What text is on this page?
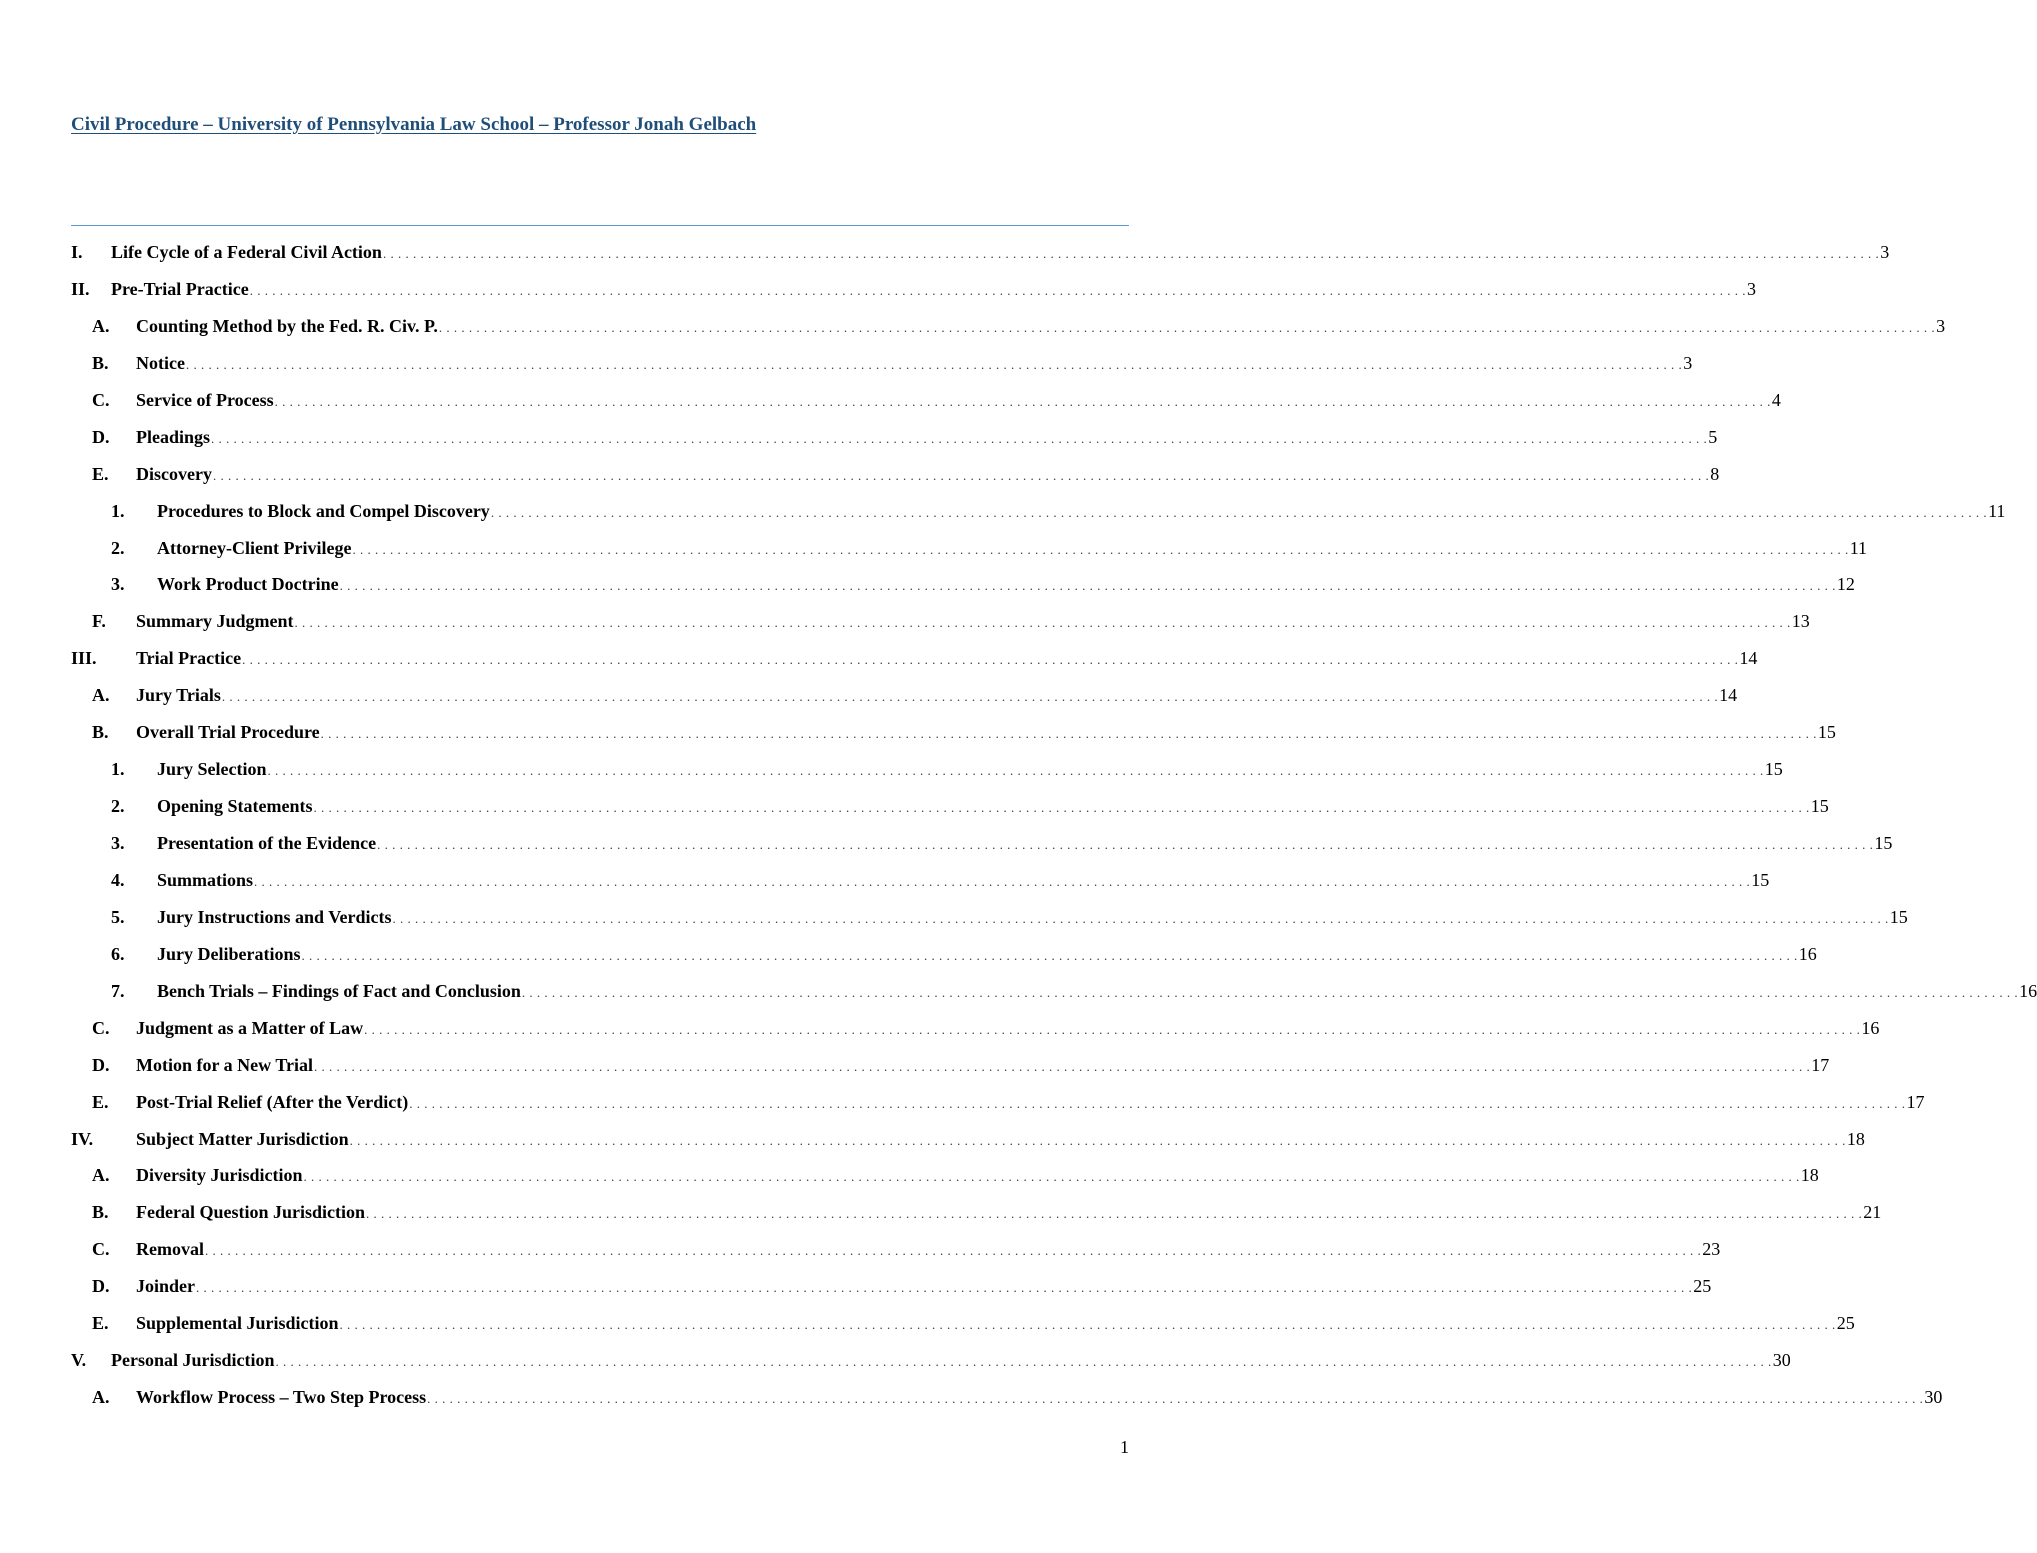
Civil Procedure – University of Pennsylvania Law School – Professor Jonah Gelbach
I. Life Cycle of a Federal Civil Action . . . . . . . . . . . . . . . . . . . . . . . . . . . . . . . . . . . . . . . . . . . . . . . . . . . . . . . . . . . . . . . . . . . . . . . . . . . . . . . . . . . . . . . . . . . . . . . . . . . . . . . . . . . . . . . . . . . . . . . . . . . . . . . . . . . . . . . . . . . . . . . . . . . . . . . . . . . . . . . . . . . . . . . . . . . . . . . . . . . . . . . . . . . . . . . . . . . . . . . . 3
II. Pre-Trial Practice . . . . . . . . . . . . . . . . . . . . . . . . . . . . . . . . . . . . . . . . . . . . . . . . . . . . . . . . . . . . . . . . . . . . . . . . . . . . . . . . . . . . . . . . . . . . . . . . . . . . . . . . . . . . . . . . . . . . . . . . . . . . . . . . . . . . . . . . . . . . . . . . . . . . . . . . . . . . . . . . . . . . . . . . . . . . . . . . . . . . . . . . . . . . . . . . . . . . . . . . 3
A. Counting Method by the Fed. R. Civ. P. . . . . . . . . . . . . . . . . . . . . . . . . . . . . . . . . . . . . . . . . . . . . . . . . . . . . . . . . . . . . . . . . . . . . . . . . . . . . . . . . . . . . . . . . . . . . . . . . . . . . . . . . . . . . . . . . . . . . . . . . . . . . . . . . . . . . . . . . . . . . . . . . . . . . . . . . . . . . . . . . . . . . . . . . . . . . . . . . . . . . . . . . . . . . . . . . . . . . . . . . 3
B. Notice . . . . . . . . . . . . . . . . . . . . . . . . . . . . . . . . . . . . . . . . . . . . . . . . . . . . . . . . . . . . . . . . . . . . . . . . . . . . . . . . . . . . . . . . . . . . . . . . . . . . . . . . . . . . . . . . . . . . . . . . . . . . . . . . . . . . . . . . . . . . . . . . . . . . . . . . . . . . . . . . . . . . . . . . . . . . . . . . . . . . . . . . . . . . . . . . . . . . . . . . 3
C. Service of Process . . . . . . . . . . . . . . . . . . . . . . . . . . . . . . . . . . . . . . . . . . . . . . . . . . . . . . . . . . . . . . . . . . . . . . . . . . . . . . . . . . . . . . . . . . . . . . . . . . . . . . . . . . . . . . . . . . . . . . . . . . . . . . . . . . . . . . . . . . . . . . . . . . . . . . . . . . . . . . . . . . . . . . . . . . . . . . . . . . . . . . . . . . . . . . . . . . . . . . . . 4
D. Pleadings . . . . . . . . . . . . . . . . . . . . . . . . . . . . . . . . . . . . . . . . . . . . . . . . . . . . . . . . . . . . . . . . . . . . . . . . . . . . . . . . . . . . . . . . . . . . . . . . . . . . . . . . . . . . . . . . . . . . . . . . . . . . . . . . . . . . . . . . . . . . . . . . . . . . . . . . . . . . . . . . . . . . . . . . . . . . . . . . . . . . . . . . . . . . . . . . . . . . . . . . 5
E. Discovery . . . . . . . . . . . . . . . . . . . . . . . . . . . . . . . . . . . . . . . . . . . . . . . . . . . . . . . . . . . . . . . . . . . . . . . . . . . . . . . . . . . . . . . . . . . . . . . . . . . . . . . . . . . . . . . . . . . . . . . . . . . . . . . . . . . . . . . . . . . . . . . . . . . . . . . . . . . . . . . . . . . . . . . . . . . . . . . . . . . . . . . . . . . . . . . . . . . . . . . . 8
1. Procedures to Block and Compel Discovery . . . . . . . . . . . . . . . . . . . . . . . . . . . . . . . . . . . . . . . . . . . . . . . . . . . . . . . . . . . . . . . . . . . . . . . . . . . . . . . . . . . . . . . . . . . . . . . . . . . . . . . . . . . . . . . . . . . . . . . . . . . . . . . . . . . . . . . . . . . . . . . . . . . . . . . . . . . . . . . . . . . . . . . . . . . . . . . . . . . . . . . . . . . . . . . . . . . . . . . . 11
2. Attorney-Client Privilege . . . . . . . . . . . . . . . . . . . . . . . . . . . . . . . . . . . . . . . . . . . . . . . . . . . . . . . . . . . . . . . . . . . . . . . . . . . . . . . . . . . . . . . . . . . . . . . . . . . . . . . . . . . . . . . . . . . . . . . . . . . . . . . . . . . . . . . . . . . . . . . . . . . . . . . . . . . . . . . . . . . . . . . . . . . . . . . . . . . . . . . . . . . . . . . . . . . . . . . . 11
3. Work Product Doctrine . . . . . . . . . . . . . . . . . . . . . . . . . . . . . . . . . . . . . . . . . . . . . . . . . . . . . . . . . . . . . . . . . . . . . . . . . . . . . . . . . . . . . . . . . . . . . . . . . . . . . . . . . . . . . . . . . . . . . . . . . . . . . . . . . . . . . . . . . . . . . . . . . . . . . . . . . . . . . . . . . . . . . . . . . . . . . . . . . . . . . . . . . . . . . . . . . . . . . . . . 12
F. Summary Judgment . . . . . . . . . . . . . . . . . . . . . . . . . . . . . . . . . . . . . . . . . . . . . . . . . . . . . . . . . . . . . . . . . . . . . . . . . . . . . . . . . . . . . . . . . . . . . . . . . . . . . . . . . . . . . . . . . . . . . . . . . . . . . . . . . . . . . . . . . . . . . . . . . . . . . . . . . . . . . . . . . . . . . . . . . . . . . . . . . . . . . . . . . . . . . . . . . . . . . . . . 13
III. Trial Practice . . . . . . . . . . . . . . . . . . . . . . . . . . . . . . . . . . . . . . . . . . . . . . . . . . . . . . . . . . . . . . . . . . . . . . . . . . . . . . . . . . . . . . . . . . . . . . . . . . . . . . . . . . . . . . . . . . . . . . . . . . . . . . . . . . . . . . . . . . . . . . . . . . . . . . . . . . . . . . . . . . . . . . . . . . . . . . . . . . . . . . . . . . . . . . . . . . . . . . . . 14
A. Jury Trials . . . . . . . . . . . . . . . . . . . . . . . . . . . . . . . . . . . . . . . . . . . . . . . . . . . . . . . . . . . . . . . . . . . . . . . . . . . . . . . . . . . . . . . . . . . . . . . . . . . . . . . . . . . . . . . . . . . . . . . . . . . . . . . . . . . . . . . . . . . . . . . . . . . . . . . . . . . . . . . . . . . . . . . . . . . . . . . . . . . . . . . . . . . . . . . . . . . . . . . . 14
B. Overall Trial Procedure . . . . . . . . . . . . . . . . . . . . . . . . . . . . . . . . . . . . . . . . . . . . . . . . . . . . . . . . . . . . . . . . . . . . . . . . . . . . . . . . . . . . . . . . . . . . . . . . . . . . . . . . . . . . . . . . . . . . . . . . . . . . . . . . . . . . . . . . . . . . . . . . . . . . . . . . . . . . . . . . . . . . . . . . . . . . . . . . . . . . . . . . . . . . . . . . . . . . . . . . 15
1. Jury Selection . . . . . . . . . . . . . . . . . . . . . . . . . . . . . . . . . . . . . . . . . . . . . . . . . . . . . . . . . . . . . . . . . . . . . . . . . . . . . . . . . . . . . . . . . . . . . . . . . . . . . . . . . . . . . . . . . . . . . . . . . . . . . . . . . . . . . . . . . . . . . . . . . . . . . . . . . . . . . . . . . . . . . . . . . . . . . . . . . . . . . . . . . . . . . . . . . . . . . . . . 15
2. Opening Statements . . . . . . . . . . . . . . . . . . . . . . . . . . . . . . . . . . . . . . . . . . . . . . . . . . . . . . . . . . . . . . . . . . . . . . . . . . . . . . . . . . . . . . . . . . . . . . . . . . . . . . . . . . . . . . . . . . . . . . . . . . . . . . . . . . . . . . . . . . . . . . . . . . . . . . . . . . . . . . . . . . . . . . . . . . . . . . . . . . . . . . . . . . . . . . . . . . . . . . . . 15
3. Presentation of the Evidence . . . . . . . . . . . . . . . . . . . . . . . . . . . . . . . . . . . . . . . . . . . . . . . . . . . . . . . . . . . . . . . . . . . . . . . . . . . . . . . . . . . . . . . . . . . . . . . . . . . . . . . . . . . . . . . . . . . . . . . . . . . . . . . . . . . . . . . . . . . . . . . . . . . . . . . . . . . . . . . . . . . . . . . . . . . . . . . . . . . . . . . . . . . . . . . . . . . . . . . . 15
4. Summations . . . . . . . . . . . . . . . . . . . . . . . . . . . . . . . . . . . . . . . . . . . . . . . . . . . . . . . . . . . . . . . . . . . . . . . . . . . . . . . . . . . . . . . . . . . . . . . . . . . . . . . . . . . . . . . . . . . . . . . . . . . . . . . . . . . . . . . . . . . . . . . . . . . . . . . . . . . . . . . . . . . . . . . . . . . . . . . . . . . . . . . . . . . . . . . . . . . . . . . . 15
5. Jury Instructions and Verdicts . . . . . . . . . . . . . . . . . . . . . . . . . . . . . . . . . . . . . . . . . . . . . . . . . . . . . . . . . . . . . . . . . . . . . . . . . . . . . . . . . . . . . . . . . . . . . . . . . . . . . . . . . . . . . . . . . . . . . . . . . . . . . . . . . . . . . . . . . . . . . . . . . . . . . . . . . . . . . . . . . . . . . . . . . . . . . . . . . . . . . . . . . . . . . . . . . . . . . . . . 15
6. Jury Deliberations . . . . . . . . . . . . . . . . . . . . . . . . . . . . . . . . . . . . . . . . . . . . . . . . . . . . . . . . . . . . . . . . . . . . . . . . . . . . . . . . . . . . . . . . . . . . . . . . . . . . . . . . . . . . . . . . . . . . . . . . . . . . . . . . . . . . . . . . . . . . . . . . . . . . . . . . . . . . . . . . . . . . . . . . . . . . . . . . . . . . . . . . . . . . . . . . . . . . . . . . 16
7. Bench Trials – Findings of Fact and Conclusion . . . . . . . . . . . . . . . . . . . . . . . . . . . . . . . . . . . . . . . . . . . . . . . . . . . . . . . . . . . . . . . . . . . . . . . . . . . . . . . . . . . . . . . . . . . . . . . . . . . . . . . . . . . . . . . . . . . . . . . . . . . . . . . . . . . . . . . . . . . . . . . . . . . . . . . . . . . . . . . . . . . . . . . . . . . . . . . . . . . . . . . . . . . . . . . . . . . . . . . . 16
C. Judgment as a Matter of Law . . . . . . . . . . . . . . . . . . . . . . . . . . . . . . . . . . . . . . . . . . . . . . . . . . . . . . . . . . . . . . . . . . . . . . . . . . . . . . . . . . . . . . . . . . . . . . . . . . . . . . . . . . . . . . . . . . . . . . . . . . . . . . . . . . . . . . . . . . . . . . . . . . . . . . . . . . . . . . . . . . . . . . . . . . . . . . . . . . . . . . . . . . . . . . . . . . . . . . . . 16
D. Motion for a New Trial . . . . . . . . . . . . . . . . . . . . . . . . . . . . . . . . . . . . . . . . . . . . . . . . . . . . . . . . . . . . . . . . . . . . . . . . . . . . . . . . . . . . . . . . . . . . . . . . . . . . . . . . . . . . . . . . . . . . . . . . . . . . . . . . . . . . . . . . . . . . . . . . . . . . . . . . . . . . . . . . . . . . . . . . . . . . . . . . . . . . . . . . . . . . . . . . . . . . . . . . 17
E. Post-Trial Relief (After the Verdict) . . . . . . . . . . . . . . . . . . . . . . . . . . . . . . . . . . . . . . . . . . . . . . . . . . . . . . . . . . . . . . . . . . . . . . . . . . . . . . . . . . . . . . . . . . . . . . . . . . . . . . . . . . . . . . . . . . . . . . . . . . . . . . . . . . . . . . . . . . . . . . . . . . . . . . . . . . . . . . . . . . . . . . . . . . . . . . . . . . . . . . . . . . . . . . . . . . . . . . . . 17
IV. Subject Matter Jurisdiction . . . . . . . . . . . . . . . . . . . . . . . . . . . . . . . . . . . . . . . . . . . . . . . . . . . . . . . . . . . . . . . . . . . . . . . . . . . . . . . . . . . . . . . . . . . . . . . . . . . . . . . . . . . . . . . . . . . . . . . . . . . . . . . . . . . . . . . . . . . . . . . . . . . . . . . . . . . . . . . . . . . . . . . . . . . . . . . . . . . . . . . . . . . . . . . . . . . . . . . . 18
A. Diversity Jurisdiction . . . . . . . . . . . . . . . . . . . . . . . . . . . . . . . . . . . . . . . . . . . . . . . . . . . . . . . . . . . . . . . . . . . . . . . . . . . . . . . . . . . . . . . . . . . . . . . . . . . . . . . . . . . . . . . . . . . . . . . . . . . . . . . . . . . . . . . . . . . . . . . . . . . . . . . . . . . . . . . . . . . . . . . . . . . . . . . . . . . . . . . . . . . . . . . . . . . . . . . . 18
B. Federal Question Jurisdiction . . . . . . . . . . . . . . . . . . . . . . . . . . . . . . . . . . . . . . . . . . . . . . . . . . . . . . . . . . . . . . . . . . . . . . . . . . . . . . . . . . . . . . . . . . . . . . . . . . . . . . . . . . . . . . . . . . . . . . . . . . . . . . . . . . . . . . . . . . . . . . . . . . . . . . . . . . . . . . . . . . . . . . . . . . . . . . . . . . . . . . . . . . . . . . . . . . . . . . . . 21
C. Removal . . . . . . . . . . . . . . . . . . . . . . . . . . . . . . . . . . . . . . . . . . . . . . . . . . . . . . . . . . . . . . . . . . . . . . . . . . . . . . . . . . . . . . . . . . . . . . . . . . . . . . . . . . . . . . . . . . . . . . . . . . . . . . . . . . . . . . . . . . . . . . . . . . . . . . . . . . . . . . . . . . . . . . . . . . . . . . . . . . . . . . . . . . . . . . . . . . . . . . . . 23
D. Joinder . . . . . . . . . . . . . . . . . . . . . . . . . . . . . . . . . . . . . . . . . . . . . . . . . . . . . . . . . . . . . . . . . . . . . . . . . . . . . . . . . . . . . . . . . . . . . . . . . . . . . . . . . . . . . . . . . . . . . . . . . . . . . . . . . . . . . . . . . . . . . . . . . . . . . . . . . . . . . . . . . . . . . . . . . . . . . . . . . . . . . . . . . . . . . . . . . . . . . . . . 25
E. Supplemental Jurisdiction . . . . . . . . . . . . . . . . . . . . . . . . . . . . . . . . . . . . . . . . . . . . . . . . . . . . . . . . . . . . . . . . . . . . . . . . . . . . . . . . . . . . . . . . . . . . . . . . . . . . . . . . . . . . . . . . . . . . . . . . . . . . . . . . . . . . . . . . . . . . . . . . . . . . . . . . . . . . . . . . . . . . . . . . . . . . . . . . . . . . . . . . . . . . . . . . . . . . . . . . 25
V. Personal Jurisdiction . . . . . . . . . . . . . . . . . . . . . . . . . . . . . . . . . . . . . . . . . . . . . . . . . . . . . . . . . . . . . . . . . . . . . . . . . . . . . . . . . . . . . . . . . . . . . . . . . . . . . . . . . . . . . . . . . . . . . . . . . . . . . . . . . . . . . . . . . . . . . . . . . . . . . . . . . . . . . . . . . . . . . . . . . . . . . . . . . . . . . . . . . . . . . . . . . . . . . . . . 30
A. Workflow Process – Two Step Process . . . . . . . . . . . . . . . . . . . . . . . . . . . . . . . . . . . . . . . . . . . . . . . . . . . . . . . . . . . . . . . . . . . . . . . . . . . . . . . . . . . . . . . . . . . . . . . . . . . . . . . . . . . . . . . . . . . . . . . . . . . . . . . . . . . . . . . . . . . . . . . . . . . . . . . . . . . . . . . . . . . . . . . . . . . . . . . . . . . . . . . . . . . . . . . . . . . . . . . . 30
1
